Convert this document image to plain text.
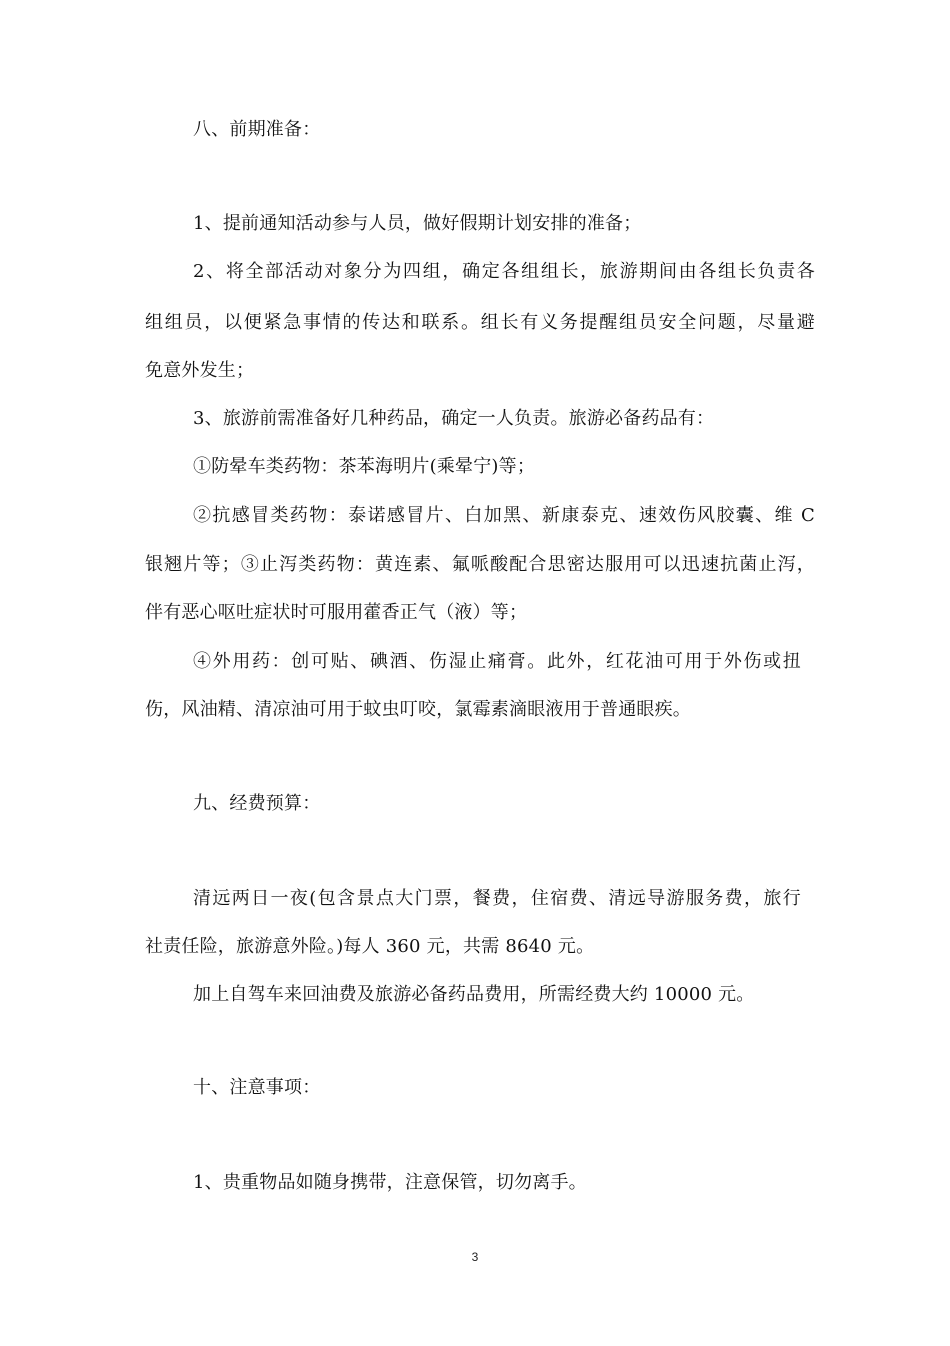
八、前期准备：
1、提前通知活动参与人员，做好假期计划安排的准备；
2、将全部活动对象分为四组，确定各组组长，旅游期间由各组长负责各
组组员，以便紧急事情的传达和联系。组长有义务提醒组员安全问题，尽量避
免意外发生；
3、旅游前需准备好几种药品，确定一人负责。旅游必备药品有：
①防晕车类药物：茶苯海明片(乘晕宁)等；
②抗感冒类药物：泰诺感冒片、白加黑、新康泰克、速效伤风胶囊、维 C
银翘片等；③止泻类药物：黄连素、氟哌酸配合思密达服用可以迅速抗菌止泻，
伴有恶心呕吐症状时可服用藿香正气（液）等；
④外用药：创可贴、碘酒、伤湿止痛膏。此外，红花油可用于外伤或扭
伤，风油精、清凉油可用于蚊虫叮咬，氯霉素滴眼液用于普通眼疾。
九、经费预算：
清远两日一夜(包含景点大门票，餐费，住宿费、清远导游服务费，旅行
社责任险，旅游意外险。)每人 360 元，共需 8640 元。
加上自驾车来回油费及旅游必备药品费用，所需经费大约 10000 元。
十、注意事项：
1、贵重物品如随身携带，注意保管，切勿离手。
3
